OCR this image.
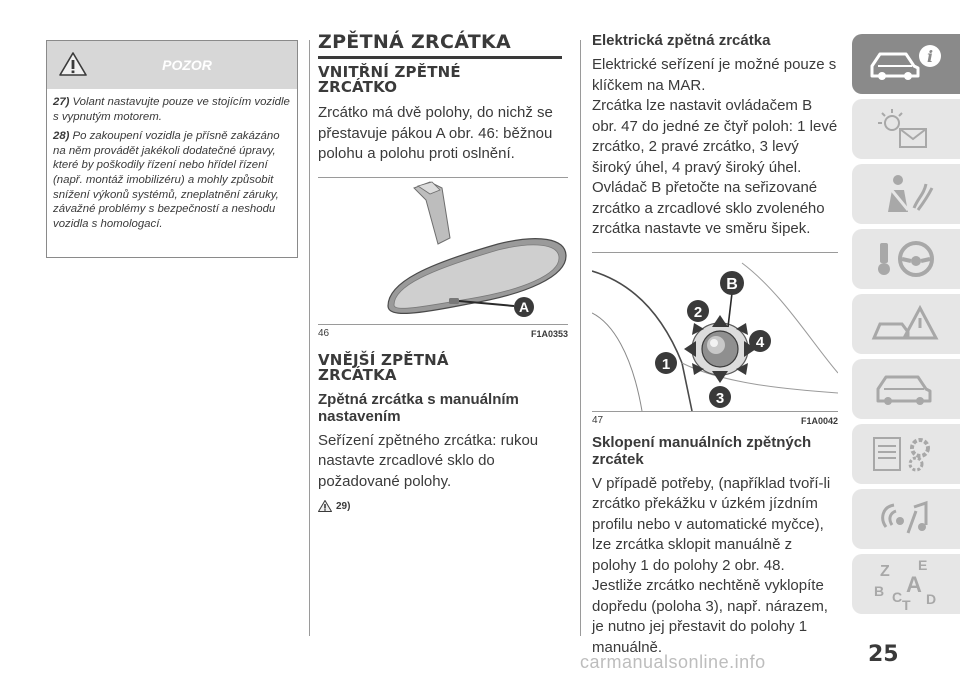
POZOR

27) Volant nastavujte pouze ve stojícím vozidle s vypnutým motorem.

28) Po zakoupení vozidla je přísně zakázáno na něm provádět jakékoli dodatečné úpravy, které by poškodily řízení nebo hřídel řízení (např. montáž imobilizéru) a mohly způsobit snížení výkonů systémů, zneplatnění záruky, závažné problémy s bezpečností a neshodu vozidla s homologací.

ZPĚTNÁ ZRCÁTKA
VNITŘNÍ ZPĚTNÉ
ZRCÁTKO

Zrcátko má dvě polohy, do nichž se přestavuje pákou A obr. 46: běžnou polohu a polohu proti oslnění.

A
46	F1A0353
VNĚJŠÍ ZPĚTNÁ
ZRCÁTKA
Zpětná zrcátka s manuálním
nastavením

Seřízení zpětného zrcátka: rukou nastavte zrcadlové sklo do požadované polohy.

29)
Elektrická zpětná zrcátka

Elektrické seřízení je možné pouze s klíčkem na MAR.

Zrcátka lze nastavit ovládačem B obr. 47 do jedné ze čtyř poloh: 1 levé zrcátko, 2 pravé zrcátko, 3 levý široký úhel, 4 pravý široký úhel.

Ovládač B přetočte na seřizované zrcátko a zrcadlové sklo zvoleného zrcátka nastavte ve směru šipek.

B
2
1
4
3
47	F1A0042
Sklopení manuálních zpětných
zrcátek

V případě potřeby, (například tvoří-li zrcátko překážku v úzkém jízdním profilu nebo v automatické myčce), lze zrcátka sklopit manuálně z polohy 1 do polohy 2 obr. 48.

Jestliže zrcátko nechtěně vyklopíte dopředu (poloha 3), např. nárazem, je nutno jej přestavit do polohy 1 manuálně.

i
Z E
B A
C T D
25
carmanualsonline.info
